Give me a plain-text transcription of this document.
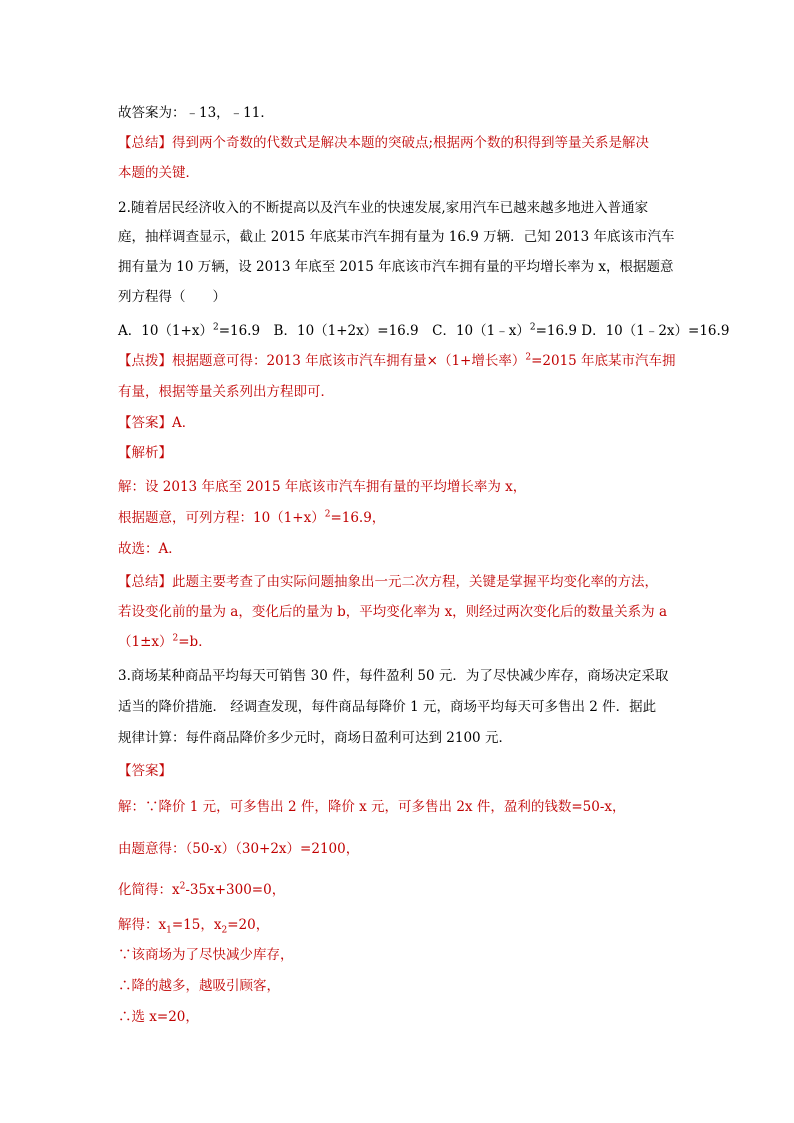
故答案为：﹣13，﹣11．
【总结】得到两个奇数的代数式是解决本题的突破点;根据两个数的积得到等量关系是解决
本题的关键．
2.随着居民经济收入的不断提高以及汽车业的快速发展,家用汽车已越来越多地进入普通家
庭，抽样调查显示，截止 2015 年底某市汽车拥有量为 16.9 万辆．己知 2013 年底该市汽车
拥有量为 10 万辆，设 2013 年底至 2015 年底该市汽车拥有量的平均增长率为 x，根据题意
列方程得（　　）
A．$10(1+x)^2=16.9$　B．10（1+2x）=16.9　C．10（1﹣x）$^2$=16.9 D．10（1﹣2x）=16.9
【点拨】根据题意可得：2013 年底该市汽车拥有量×（1+增长率）$^2$=2015 年底某市汽车拥
有量，根据等量关系列出方程即可．
【答案】A．
【解析】
解：设 2013 年底至 2015 年底该市汽车拥有量的平均增长率为 x，
根据题意，可列方程：$10(1+x)^2=16.9$，
故选：A．
【总结】此题主要考查了由实际问题抽象出一元二次方程，关键是掌握平均变化率的方法，
若设变化前的量为 a，变化后的量为 b，平均变化率为 x，则经过两次变化后的数量关系为 a
$(1\pm x)^2=b$．
3.商场某种商品平均每天可销售 30 件，每件盈利 50 元．为了尽快减少库存，商场决定采取
适当的降价措施． 经调查发现，每件商品每降价 1 元，商场平均每天可多售出 2 件．据此
规律计算：每件商品降价多少元时，商场日盈利可达到 2100 元．
【答案】
解：∵降价 1 元，可多售出 2 件，降价 x 元，可多售出 2x 件，盈利的钱数=50-x，
由题意得：（50-x）（30+2x）=2100，
化简得：$x^2-35x+300=0$，
解得：$x_1=15$，$x_2=20$，
∵该商场为了尽快减少库存，
∴降的越多，越吸引顾客，
∴选 x=20，
